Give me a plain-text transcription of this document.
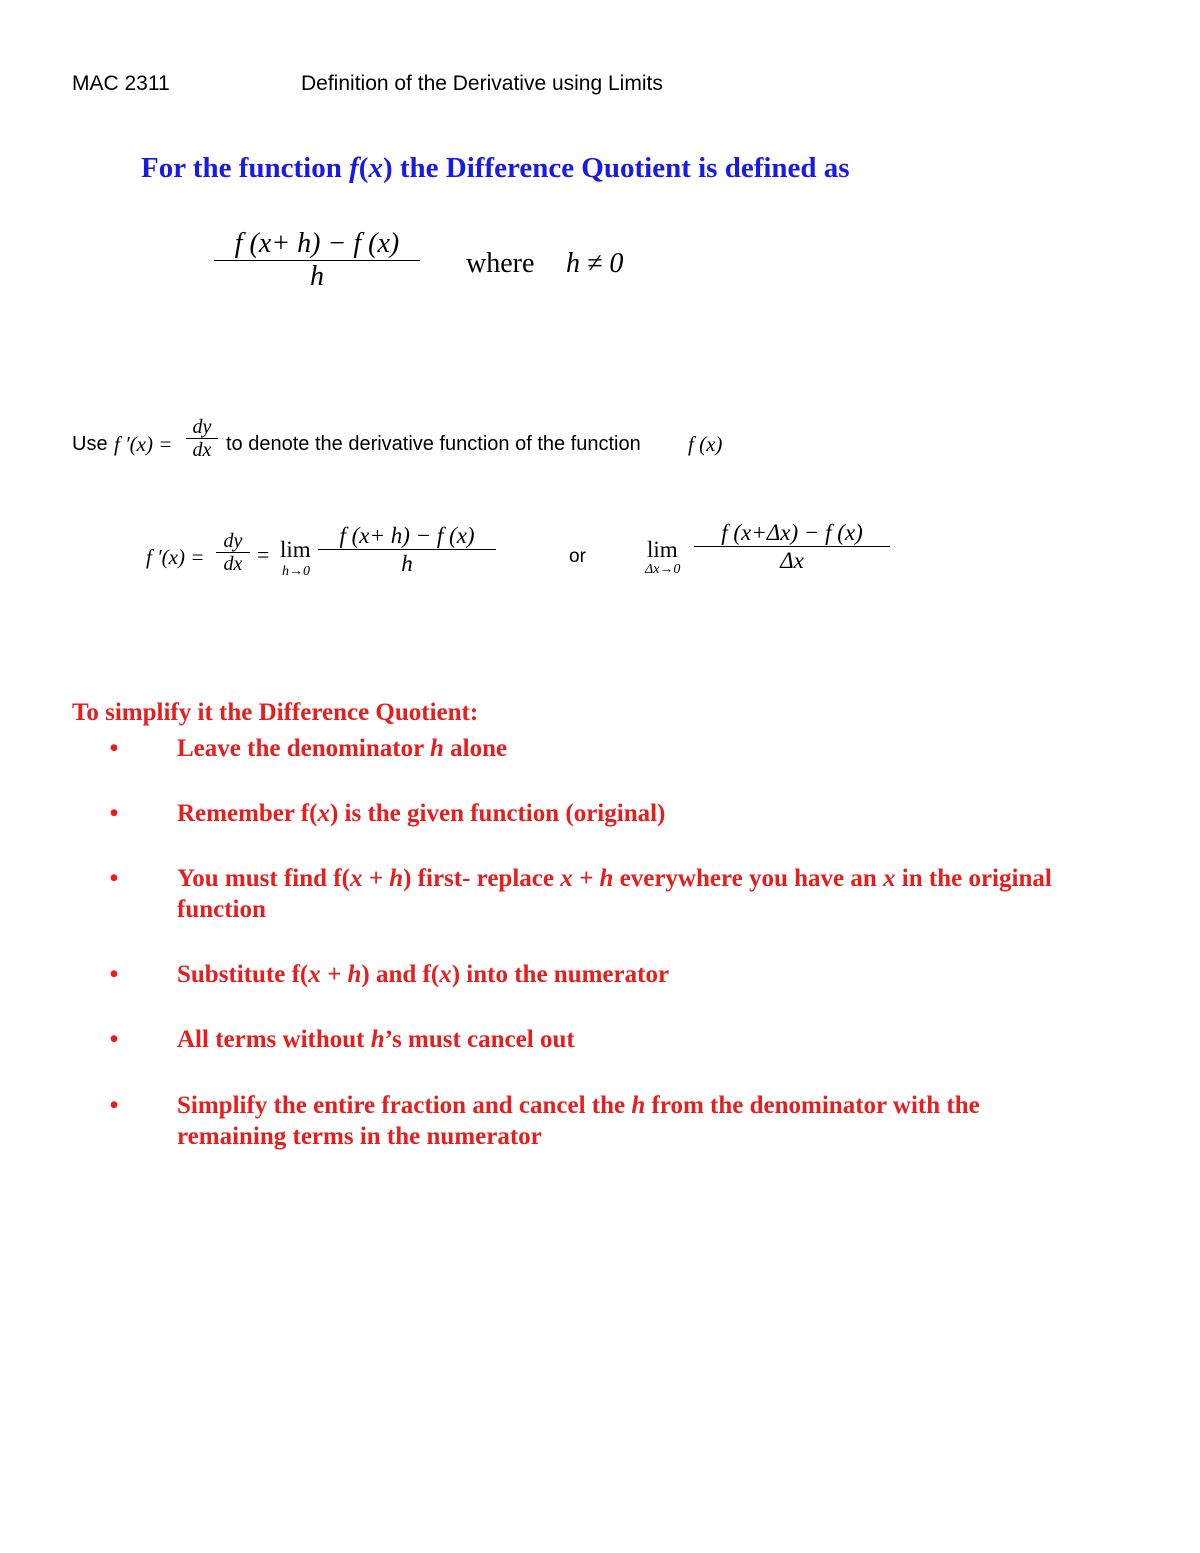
MAC 2311	Definition of the Derivative using Limits
For the function f(x) the Difference Quotient is defined as
f (x+ h) − f (x)
h	where h ≠ 0
Use f ′(x) =
dy
dx to denote the derivative function of the function f (x)
f ′(x) =
dy
dx = lim
h→0
f (x+ h) − f (x)
h	or	lim
Δx→0
f (x+Δx) − f (x)
Δx
To simplify it the Difference Quotient:
• Leave the denominator h alone
• Remember f(x) is the given function (original)
• You must find f(x + h) first- replace x + h everywhere you have an x in the original function
• Substitute f(x + h) and f(x) into the numerator
• All terms without h’s must cancel out
• Simplify the entire fraction and cancel the h from the denominator with the remaining terms in the numerator
